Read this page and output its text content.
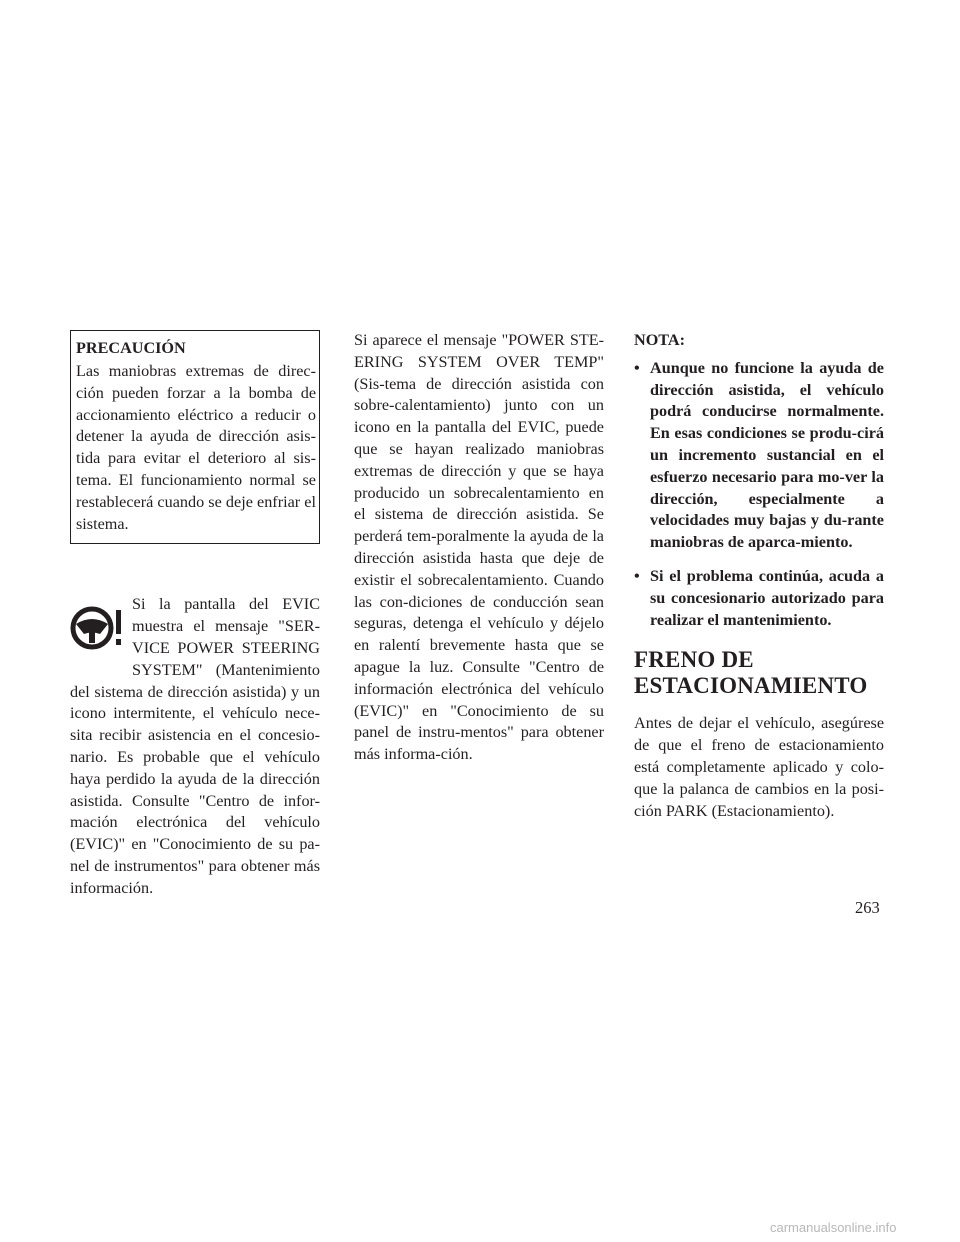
PRECAUCIÓN

Las maniobras extremas de direc-ción pueden forzar a la bomba de accionamiento eléctrico a reducir o detener la ayuda de dirección asis-tida para evitar el deterioro al sis-tema. El funcionamiento normal se restablecerá cuando se deje enfriar el sistema.

Si la pantalla del EVIC muestra el mensaje "SER-VICE POWER STEERING SYSTEM" (Mantenimiento del sistema de dirección asistida) y un icono intermitente, el vehículo nece-sita recibir asistencia en el concesio-nario. Es probable que el vehículo haya perdido la ayuda de la dirección asistida. Consulte "Centro de infor-mación electrónica del vehículo (EVIC)" en "Conocimiento de su pa-nel de instrumentos" para obtener más información.

Si aparece el mensaje "POWER STE-ERING SYSTEM OVER TEMP" (Sis-tema de dirección asistida con sobre-calentamiento) junto con un icono en la pantalla del EVIC, puede que se hayan realizado maniobras extremas de dirección y que se haya producido un sobrecalentamiento en el sistema de dirección asistida. Se perderá tem-poralmente la ayuda de la dirección asistida hasta que deje de existir el sobrecalentamiento. Cuando las con-diciones de conducción sean seguras, detenga el vehículo y déjelo en ralentí brevemente hasta que se apague la luz. Consulte "Centro de información electrónica del vehículo (EVIC)" en "Conocimiento de su panel de instru-mentos" para obtener más informa-ción.

NOTA:

• Aunque no funcione la ayuda de dirección asistida, el vehículo podrá conducirse normalmente. En esas condiciones se produ-cirá un incremento sustancial en el esfuerzo necesario para mo-ver la dirección, especialmente a velocidades muy bajas y du-rante maniobras de aparca-miento.
• Si el problema continúa, acuda a su concesionario autorizado para realizar el mantenimiento.
FRENO DE
ESTACIONAMIENTO

Antes de dejar el vehículo, asegúrese de que el freno de estacionamiento está completamente aplicado y colo-que la palanca de cambios en la posi-ción PARK (Estacionamiento).

263
carmanualsonline.info
